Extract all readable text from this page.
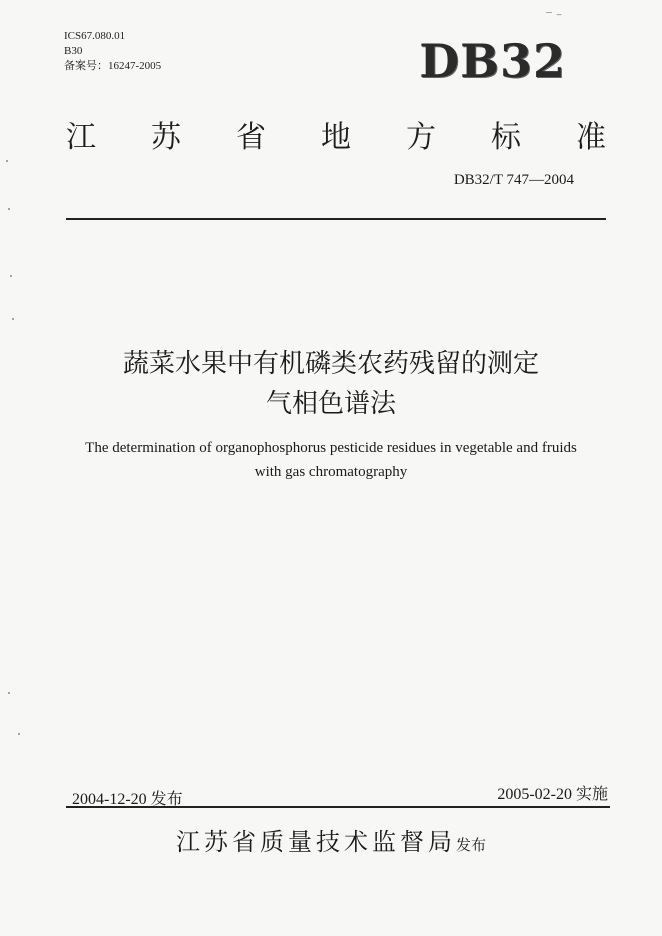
ICS67.080.01
B30
备案号：16247-2005
‾ ⁻
DB32
江 苏 省 地 方 标 准
DB32/T 747—2004
蔬菜水果中有机磷类农药残留的测定
气相色谱法
The determination of organophosphorus pesticide residues in vegetable and fruids
with gas chromatography
2004-12-20 发布	2005-02-20 实施
江苏省质量技术监督局发布
